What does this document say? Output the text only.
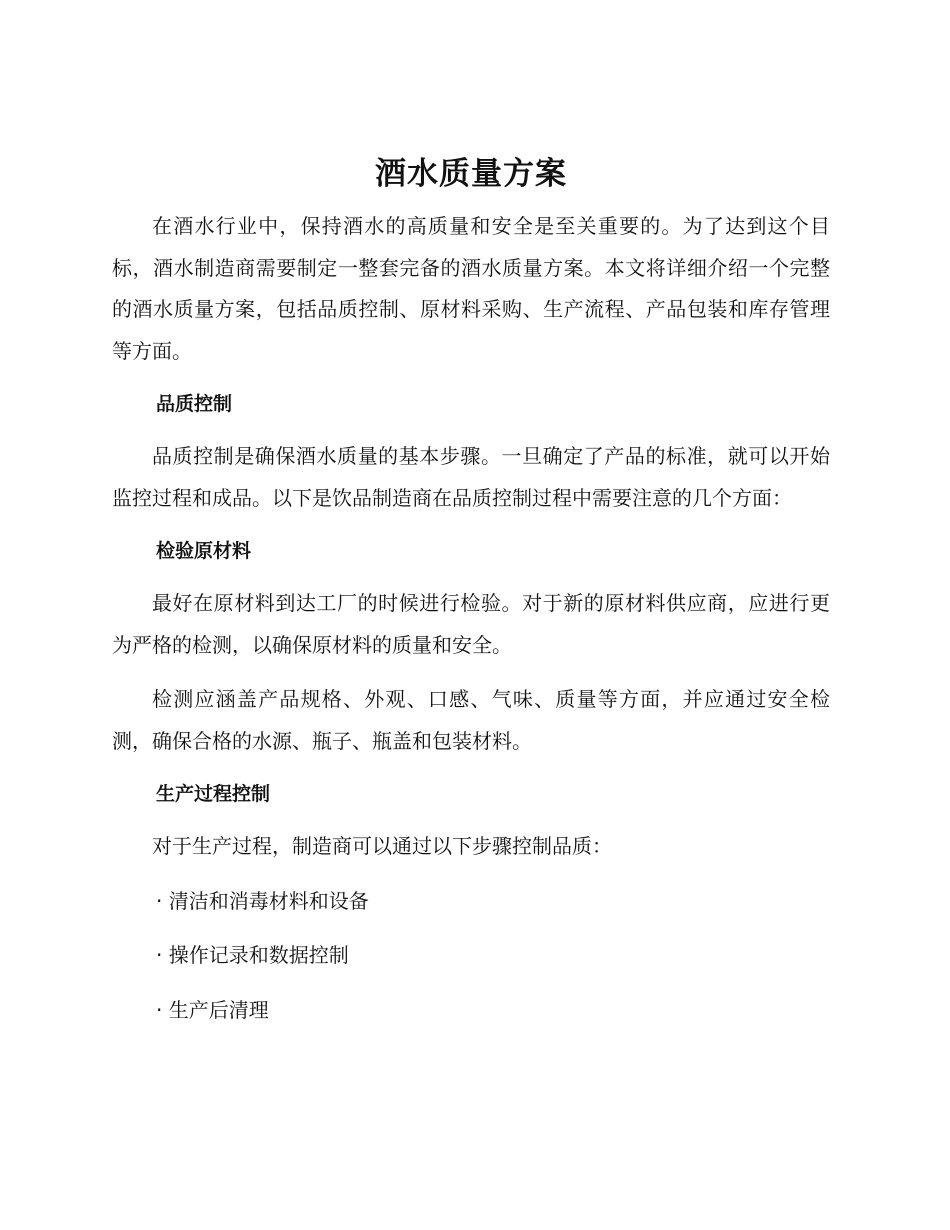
酒水质量方案

在酒水行业中，保持酒水的高质量和安全是至关重要的。为了达到这个目标，酒水制造商需要制定一整套完备的酒水质量方案。本文将详细介绍一个完整的酒水质量方案，包括品质控制、原材料采购、生产流程、产品包装和库存管理等方面。

品质控制

品质控制是确保酒水质量的基本步骤。一旦确定了产品的标准，就可以开始监控过程和成品。以下是饮品制造商在品质控制过程中需要注意的几个方面：

检验原材料

最好在原材料到达工厂的时候进行检验。对于新的原材料供应商，应进行更为严格的检测，以确保原材料的质量和安全。

检测应涵盖产品规格、外观、口感、气味、质量等方面，并应通过安全检测，确保合格的水源、瓶子、瓶盖和包装材料。

生产过程控制

对于生产过程，制造商可以通过以下步骤控制品质：

· 清洁和消毒材料和设备
· 操作记录和数据控制
· 生产后清理
